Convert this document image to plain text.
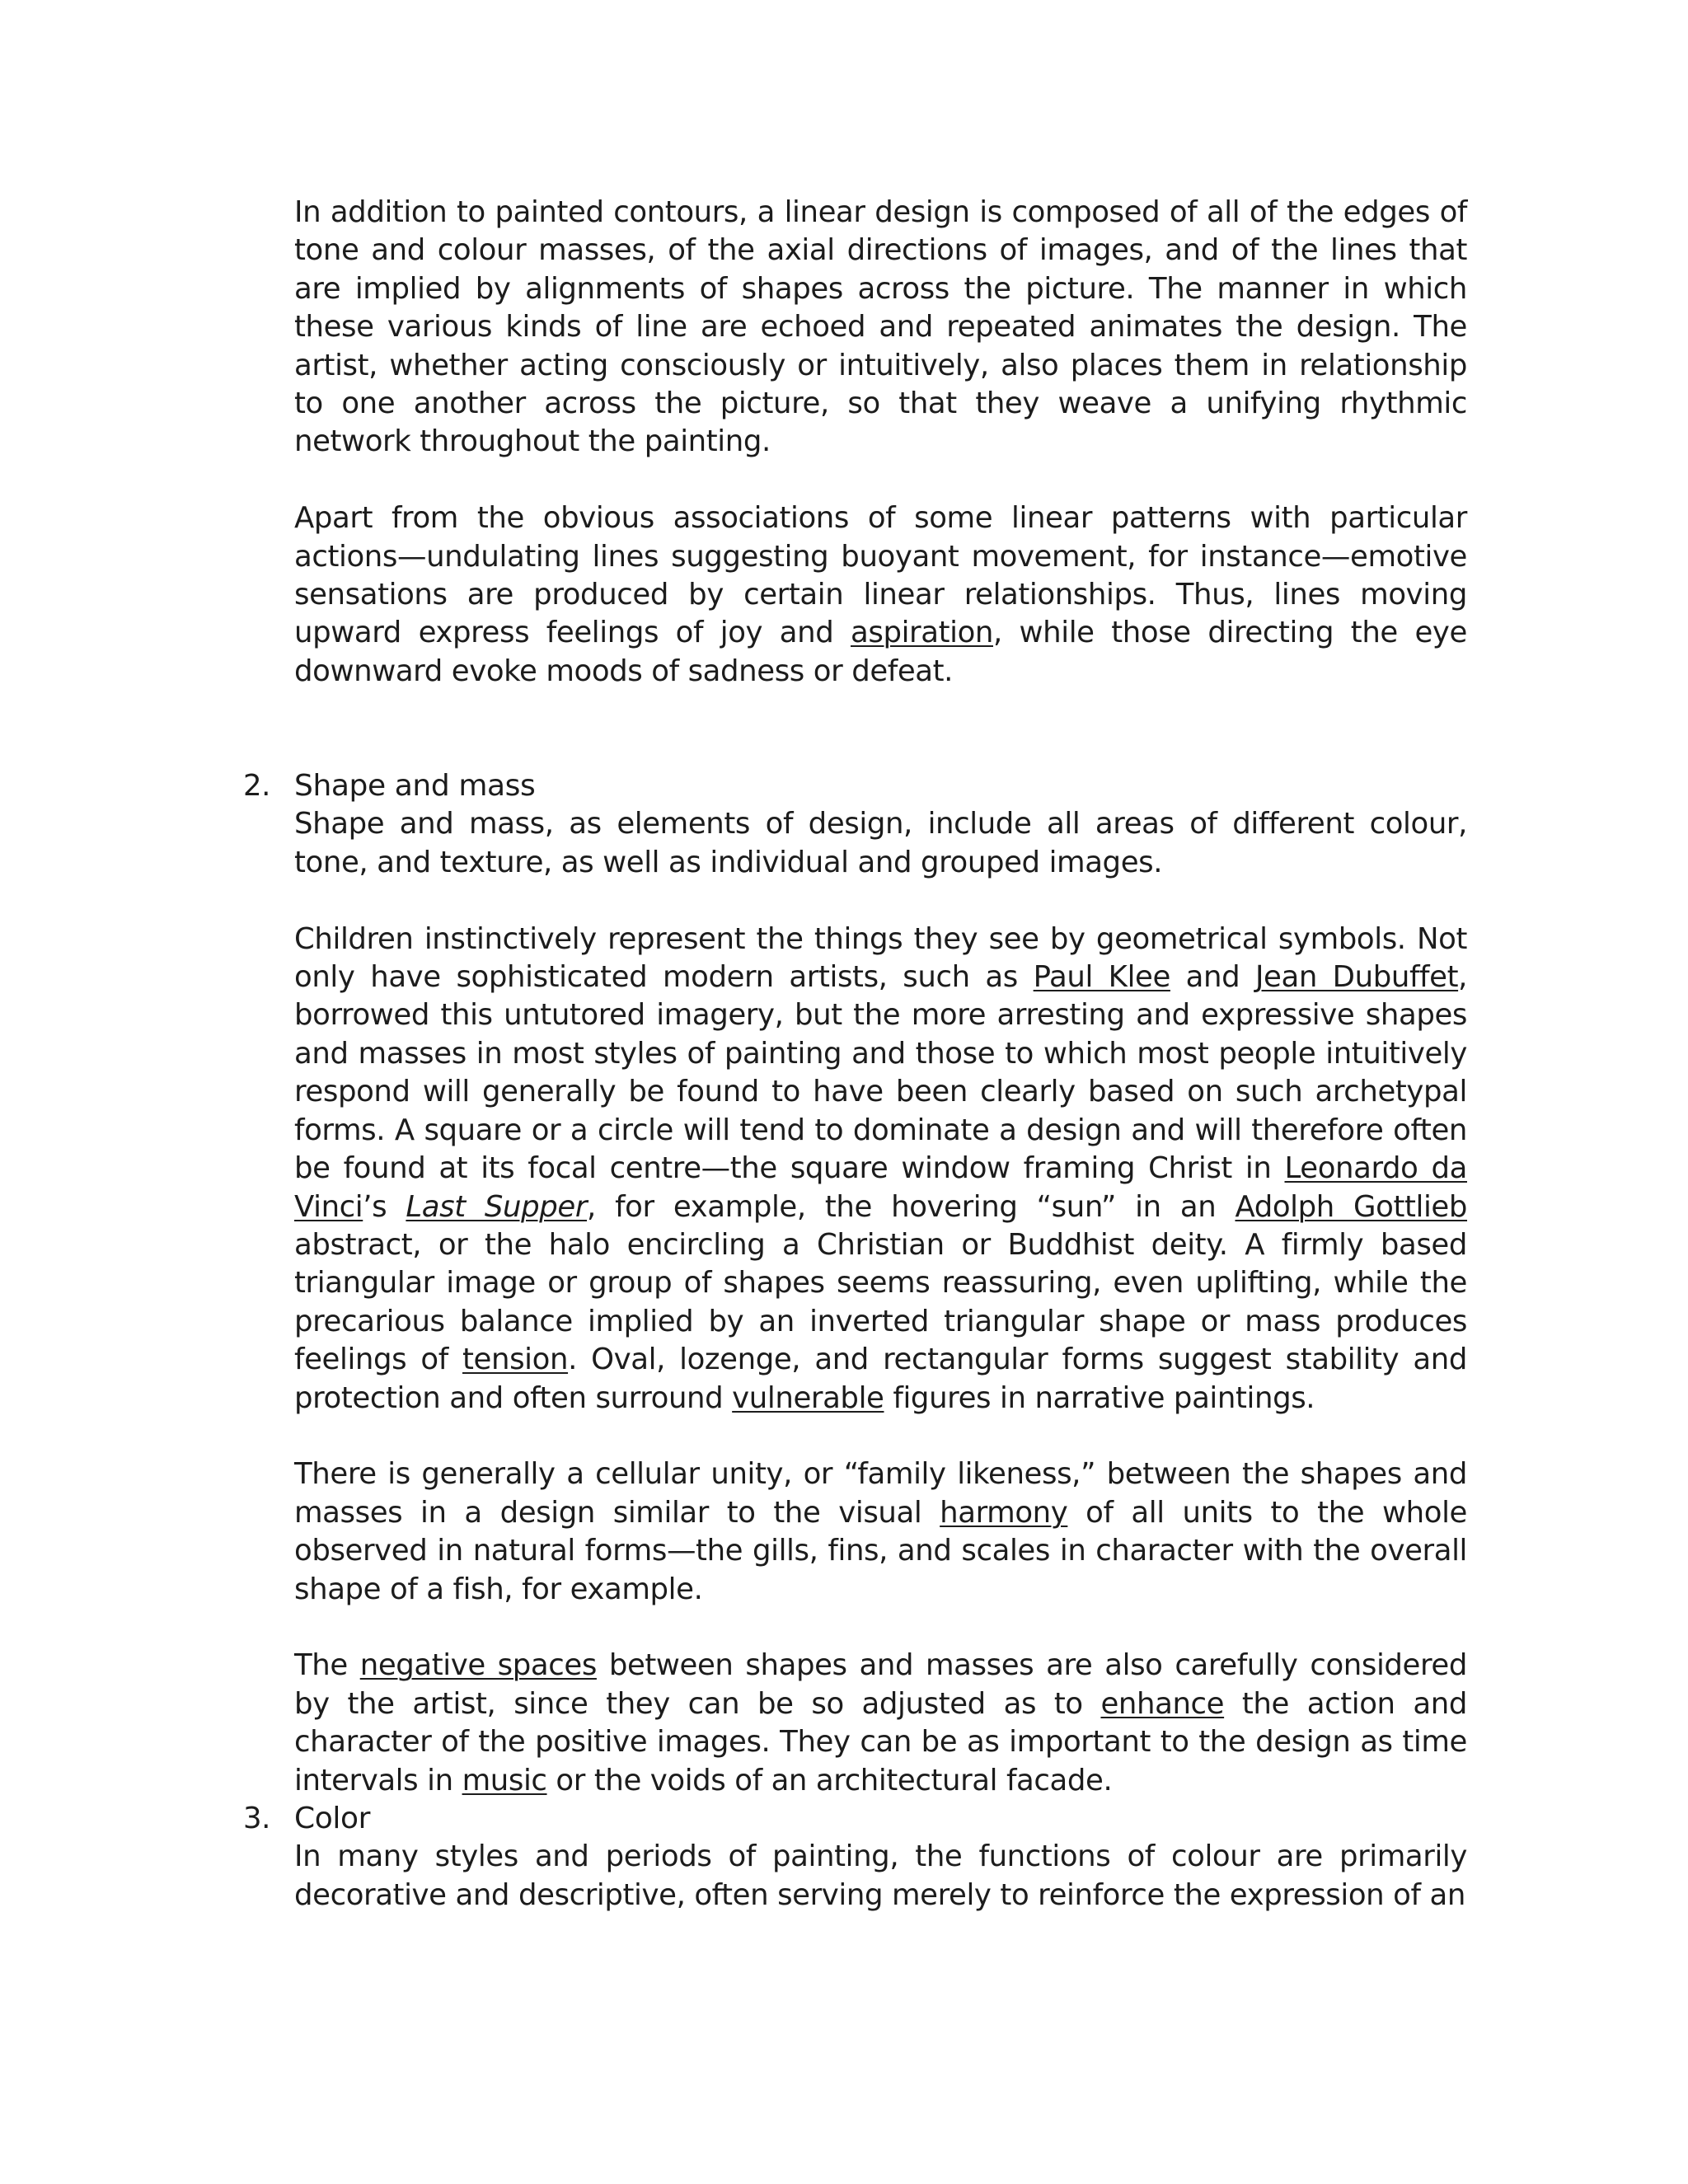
In addition to painted contours, a linear design is composed of all of the edges of tone and colour masses, of the axial directions of images, and of the lines that are implied by alignments of shapes across the picture. The manner in which these various kinds of line are echoed and repeated animates the design. The artist, whether acting consciously or intuitively, also places them in relationship to one another across the picture, so that they weave a unifying rhythmic network throughout the painting.

Apart from the obvious associations of some linear patterns with particular actions—undulating lines suggesting buoyant movement, for instance—emotive sensations are produced by certain linear relationships. Thus, lines moving upward express feelings of joy and aspiration, while those directing the eye downward evoke moods of sadness or defeat.

2. Shape and mass

Shape and mass, as elements of design, include all areas of different colour, tone, and texture, as well as individual and grouped images.

Children instinctively represent the things they see by geometrical symbols. Not only have sophisticated modern artists, such as Paul Klee and Jean Dubuffet, borrowed this untutored imagery, but the more arresting and expressive shapes and masses in most styles of painting and those to which most people intuitively respond will generally be found to have been clearly based on such archetypal forms. A square or a circle will tend to dominate a design and will therefore often be found at its focal centre—the square window framing Christ in Leonardo da Vinci’s Last Supper, for example, the hovering “sun” in an Adolph Gottlieb abstract, or the halo encircling a Christian or Buddhist deity. A firmly based triangular image or group of shapes seems reassuring, even uplifting, while the precarious balance implied by an inverted triangular shape or mass produces feelings of tension. Oval, lozenge, and rectangular forms suggest stability and protection and often surround vulnerable figures in narrative paintings.

There is generally a cellular unity, or “family likeness,” between the shapes and masses in a design similar to the visual harmony of all units to the whole observed in natural forms—the gills, fins, and scales in character with the overall shape of a fish, for example.

The negative spaces between shapes and masses are also carefully considered by the artist, since they can be so adjusted as to enhance the action and character of the positive images. They can be as important to the design as time intervals in music or the voids of an architectural facade.

3. Color

In many styles and periods of painting, the functions of colour are primarily decorative and descriptive, often serving merely to reinforce the expression of an
